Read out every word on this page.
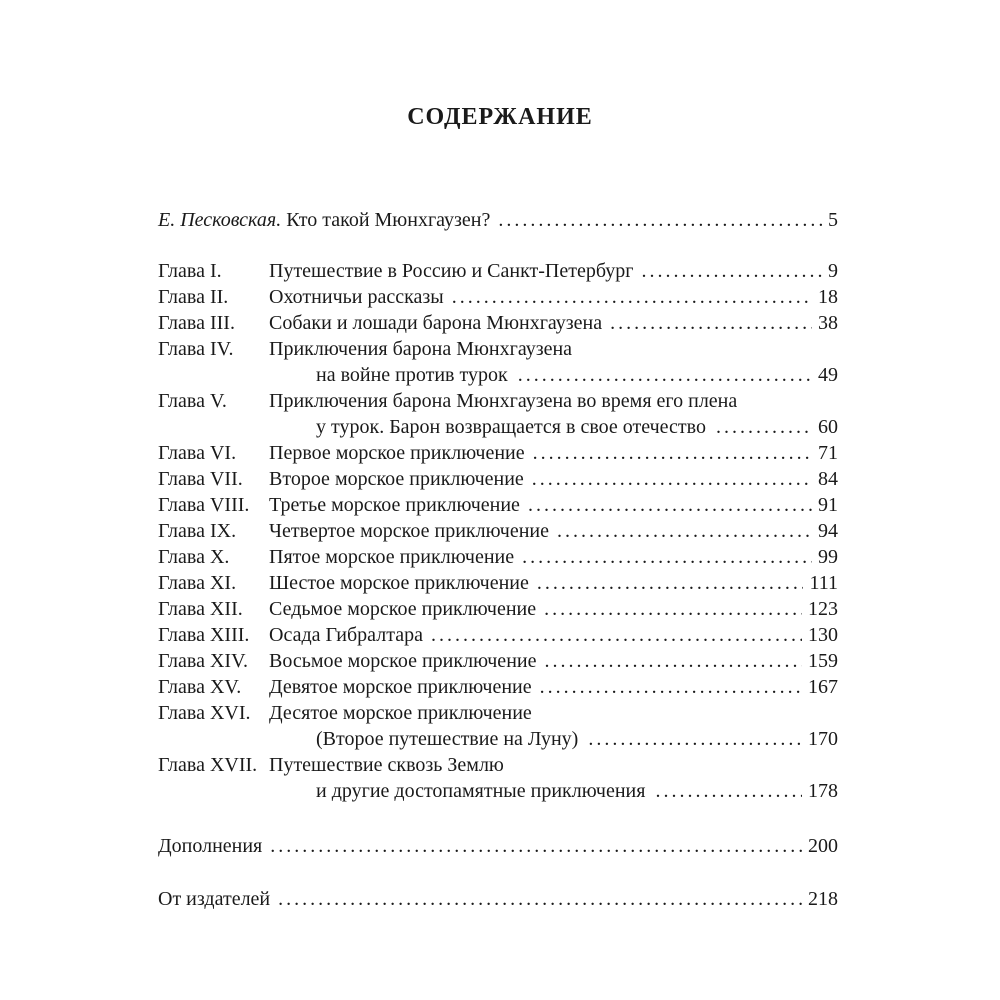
СОДЕРЖАНИЕ
Е. Песковская. Кто такой Мюнхгаузен? .....	5
Глава I.	Путешествие в Россию и Санкт-Петербург .....	9
Глава II.	Охотничьи рассказы .....	18
Глава III.	Собаки и лошади барона Мюнхгаузена .....	38
Глава IV.	Приключения барона Мюнхгаузена
на войне против турок .....	49
Глава V.	Приключения барона Мюнхгаузена во время его плена
у турок. Барон возвращается в свое отечество .....	60
Глава VI.	Первое морское приключение .....	71
Глава VII.	Второе морское приключение .....	84
Глава VIII. Третье морское приключение .....	91
Глава IX.	Четвертое морское приключение .....	94
Глава X.	Пятое морское приключение .....	99
Глава XI.	Шестое морское приключение .....	111
Глава XII.	Седьмое морское приключение .....	123
Глава XIII. Осада Гибралтара .....	130
Глава XIV.	Восьмое морское приключение .....	159
Глава XV.	Девятое морское приключение .....	167
Глава XVI. Десятое морское приключение
(Второе путешествие на Луну) .....	170
Глава XVII. Путешествие сквозь Землю
и другие достопамятные приключения .....	178
Дополнения .....	200
От издателей .....	218
